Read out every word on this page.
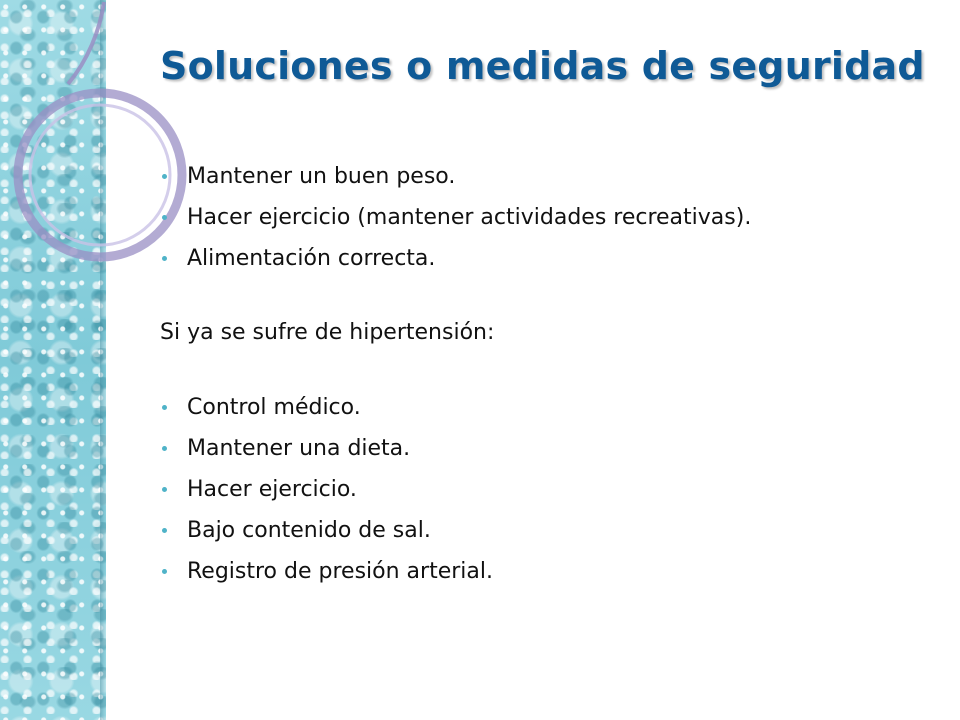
Soluciones o medidas de seguridad
Mantener un buen peso.
Hacer ejercicio (mantener actividades recreativas).
Alimentación correcta.
Si ya se sufre de hipertensión:
Control médico.
Mantener una dieta.
Hacer ejercicio.
Bajo contenido de sal.
Registro de presión arterial.
